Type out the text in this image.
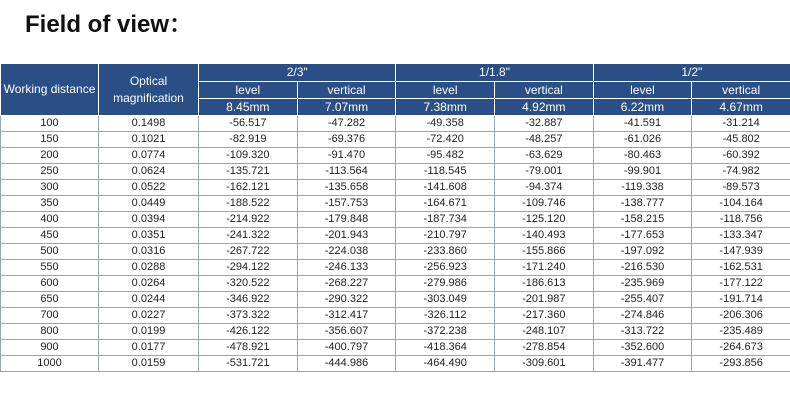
Field of view：
Working distance	Optical magnification	2/3"		1/1.8"		1/2"	
		level	vertical	level	vertical	level	vertical
		8.45mm	7.07mm	7.38mm	4.92mm	6.22mm	4.67mm
100	0.1498	-56.517	-47.282	-49.358	-32.887	-41.591	-31.214
150	0.1021	-82.919	-69.376	-72.420	-48.257	-61.026	-45.802
200	0.0774	-109.320	-91.470	-95.482	-63.629	-80.463	-60.392
250	0.0624	-135.721	-113.564	-118.545	-79.001	-99.901	-74.982
300	0.0522	-162.121	-135.658	-141.608	-94.374	-119.338	-89.573
350	0.0449	-188.522	-157.753	-164.671	-109.746	-138.777	-104.164
400	0.0394	-214.922	-179.848	-187.734	-125.120	-158.215	-118.756
450	0.0351	-241.322	-201.943	-210.797	-140.493	-177.653	-133.347
500	0.0316	-267.722	-224.038	-233.860	-155.866	-197.092	-147.939
550	0.0288	-294.122	-246.133	-256.923	-171.240	-216.530	-162.531
600	0.0264	-320.522	-268.227	-279.986	-186.613	-235.969	-177.122
650	0.0244	-346.922	-290.322	-303.049	-201.987	-255.407	-191.714
700	0.0227	-373.322	-312.417	-326.112	-217.360	-274.846	-206.306
800	0.0199	-426.122	-356.607	-372.238	-248.107	-313.722	-235.489
900	0.0177	-478.921	-400.797	-418.364	-278.854	-352.600	-264.673
1000	0.0159	-531.721	-444.986	-464.490	-309.601	-391.477	-293.856
